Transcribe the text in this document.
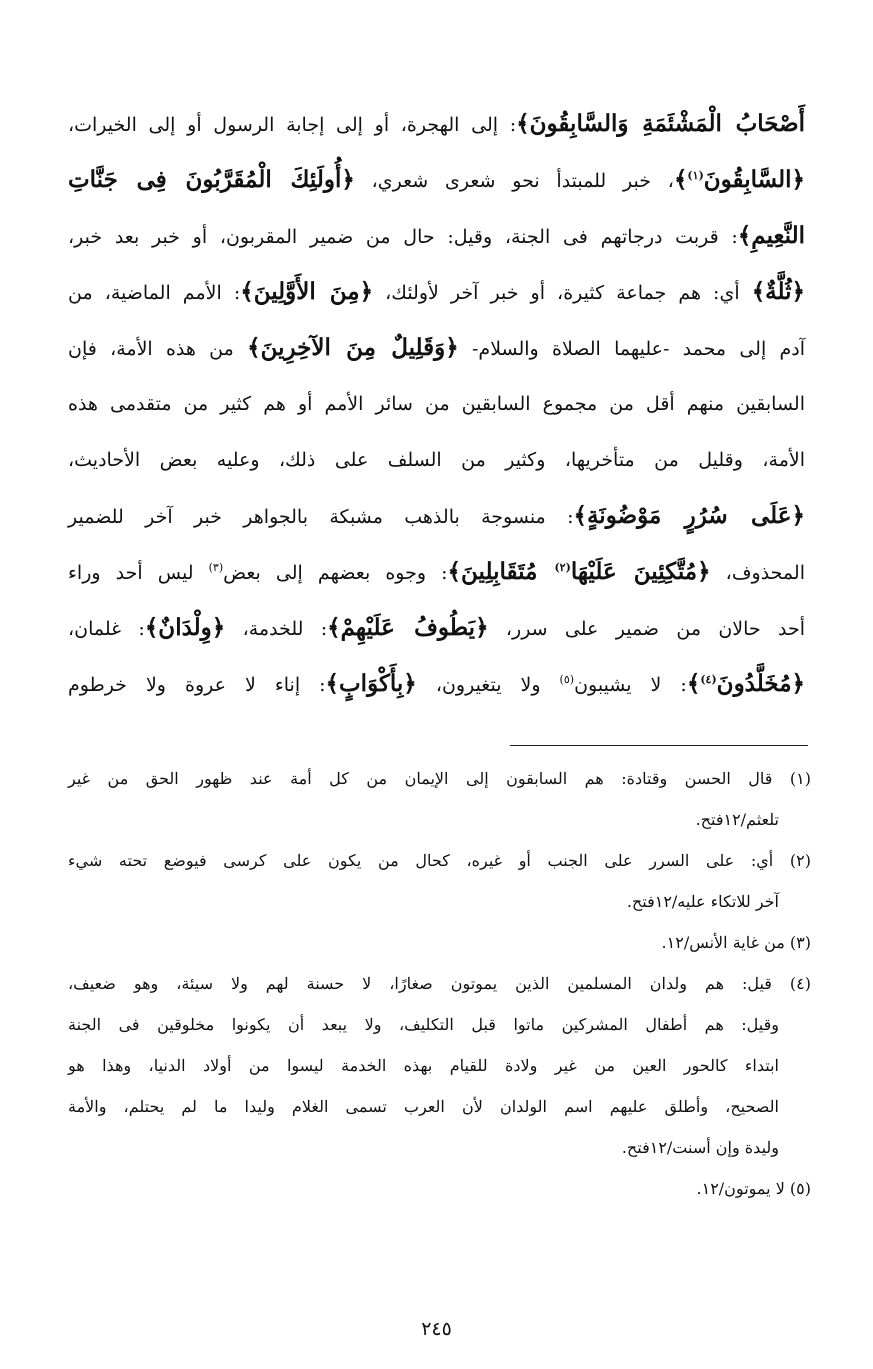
أَصْحَابُ الْمَشْئَمَةِ وَالسَّابِقُونَ﴾: إلى الهجرة، أو إلى إجابة الرسول أو إلى الخيرات،
﴿السَّابِقُونَ$^{(١)}$﴾، خبر للمبتدأ نحو شعرى شعري، ﴿أُولَئِكَ الْمُقَرَّبُونَ فِى جَنَّاتِ
النَّعِيمِ﴾: قربت درجاتهم فى الجنة، وقيل: حال من ضمير المقربون، أو خبر بعد خبر،
﴿ثُلَّةٌ﴾ أي: هم جماعة كثيرة، أو خبر آخر لأولئك، ﴿مِنَ الأَوَّلِينَ﴾: الأمم الماضية، من
آدم إلى محمد -عليهما الصلاة والسلام- ﴿وَقَلِيلٌ مِنَ الآخِرِينَ﴾ من هذه الأمة، فإن
السابقين منهم أقل من مجموع السابقين من سائر الأمم أو هم كثير من متقدمى هذه
الأمة، وقليل من متأخريها، وكثير من السلف على ذلك، وعليه بعض الأحاديث،
﴿عَلَى سُرُرٍ مَوْضُونَةٍ﴾: منسوجة بالذهب مشبكة بالجواهر خبر آخر للضمير
المحذوف، ﴿مُتَّكِئِينَ عَلَيْهَا$^{(٢)}$ مُتَقَابِلِينَ﴾: وجوه بعضهم إلى بعض$^{(٣)}$ ليس أحد وراء
أحد حالان من ضمير على سرر، ﴿يَطُوفُ عَلَيْهِمْ﴾: للخدمة، ﴿وِلْدَانٌ﴾: غلمان،
﴿مُخَلَّدُونَ$^{(٤)}$﴾: لا يشيبون$^{(٥)}$ ولا يتغيرون، ﴿بِأَكْوَابٍ﴾: إناء لا عروة ولا خرطوم
(١) قال الحسن وقتادة: هم السابقون إلى الإيمان من كل أمة عند ظهور الحق من غير
تلعثم/١٢فتح.
(٢) أي: على السرر على الجنب أو غيره، كحال من يكون على كرسى فيوضع تحته شيء
آخر للاتكاء عليه/١٢فتح.
(٣) من غاية الأنس/١٢.
(٤) قيل: هم ولدان المسلمين الذين يموتون صغارًا، لا حسنة لهم ولا سيئة، وهو ضعيف،
وقيل: هم أطفال المشركين ماتوا قبل التكليف، ولا يبعد أن يكونوا مخلوقين فى الجنة
ابتداء كالحور العين من غير ولادة للقيام بهذه الخدمة ليسوا من أولاد الدنيا، وهذا هو
الصحيح، وأطلق عليهم اسم الولدان لأن العرب تسمى الغلام وليدا ما لم يحتلم، والأمة
وليدة وإن أسنت/١٢فتح.
(٥) لا يموتون/١٢.
٢٤٥
